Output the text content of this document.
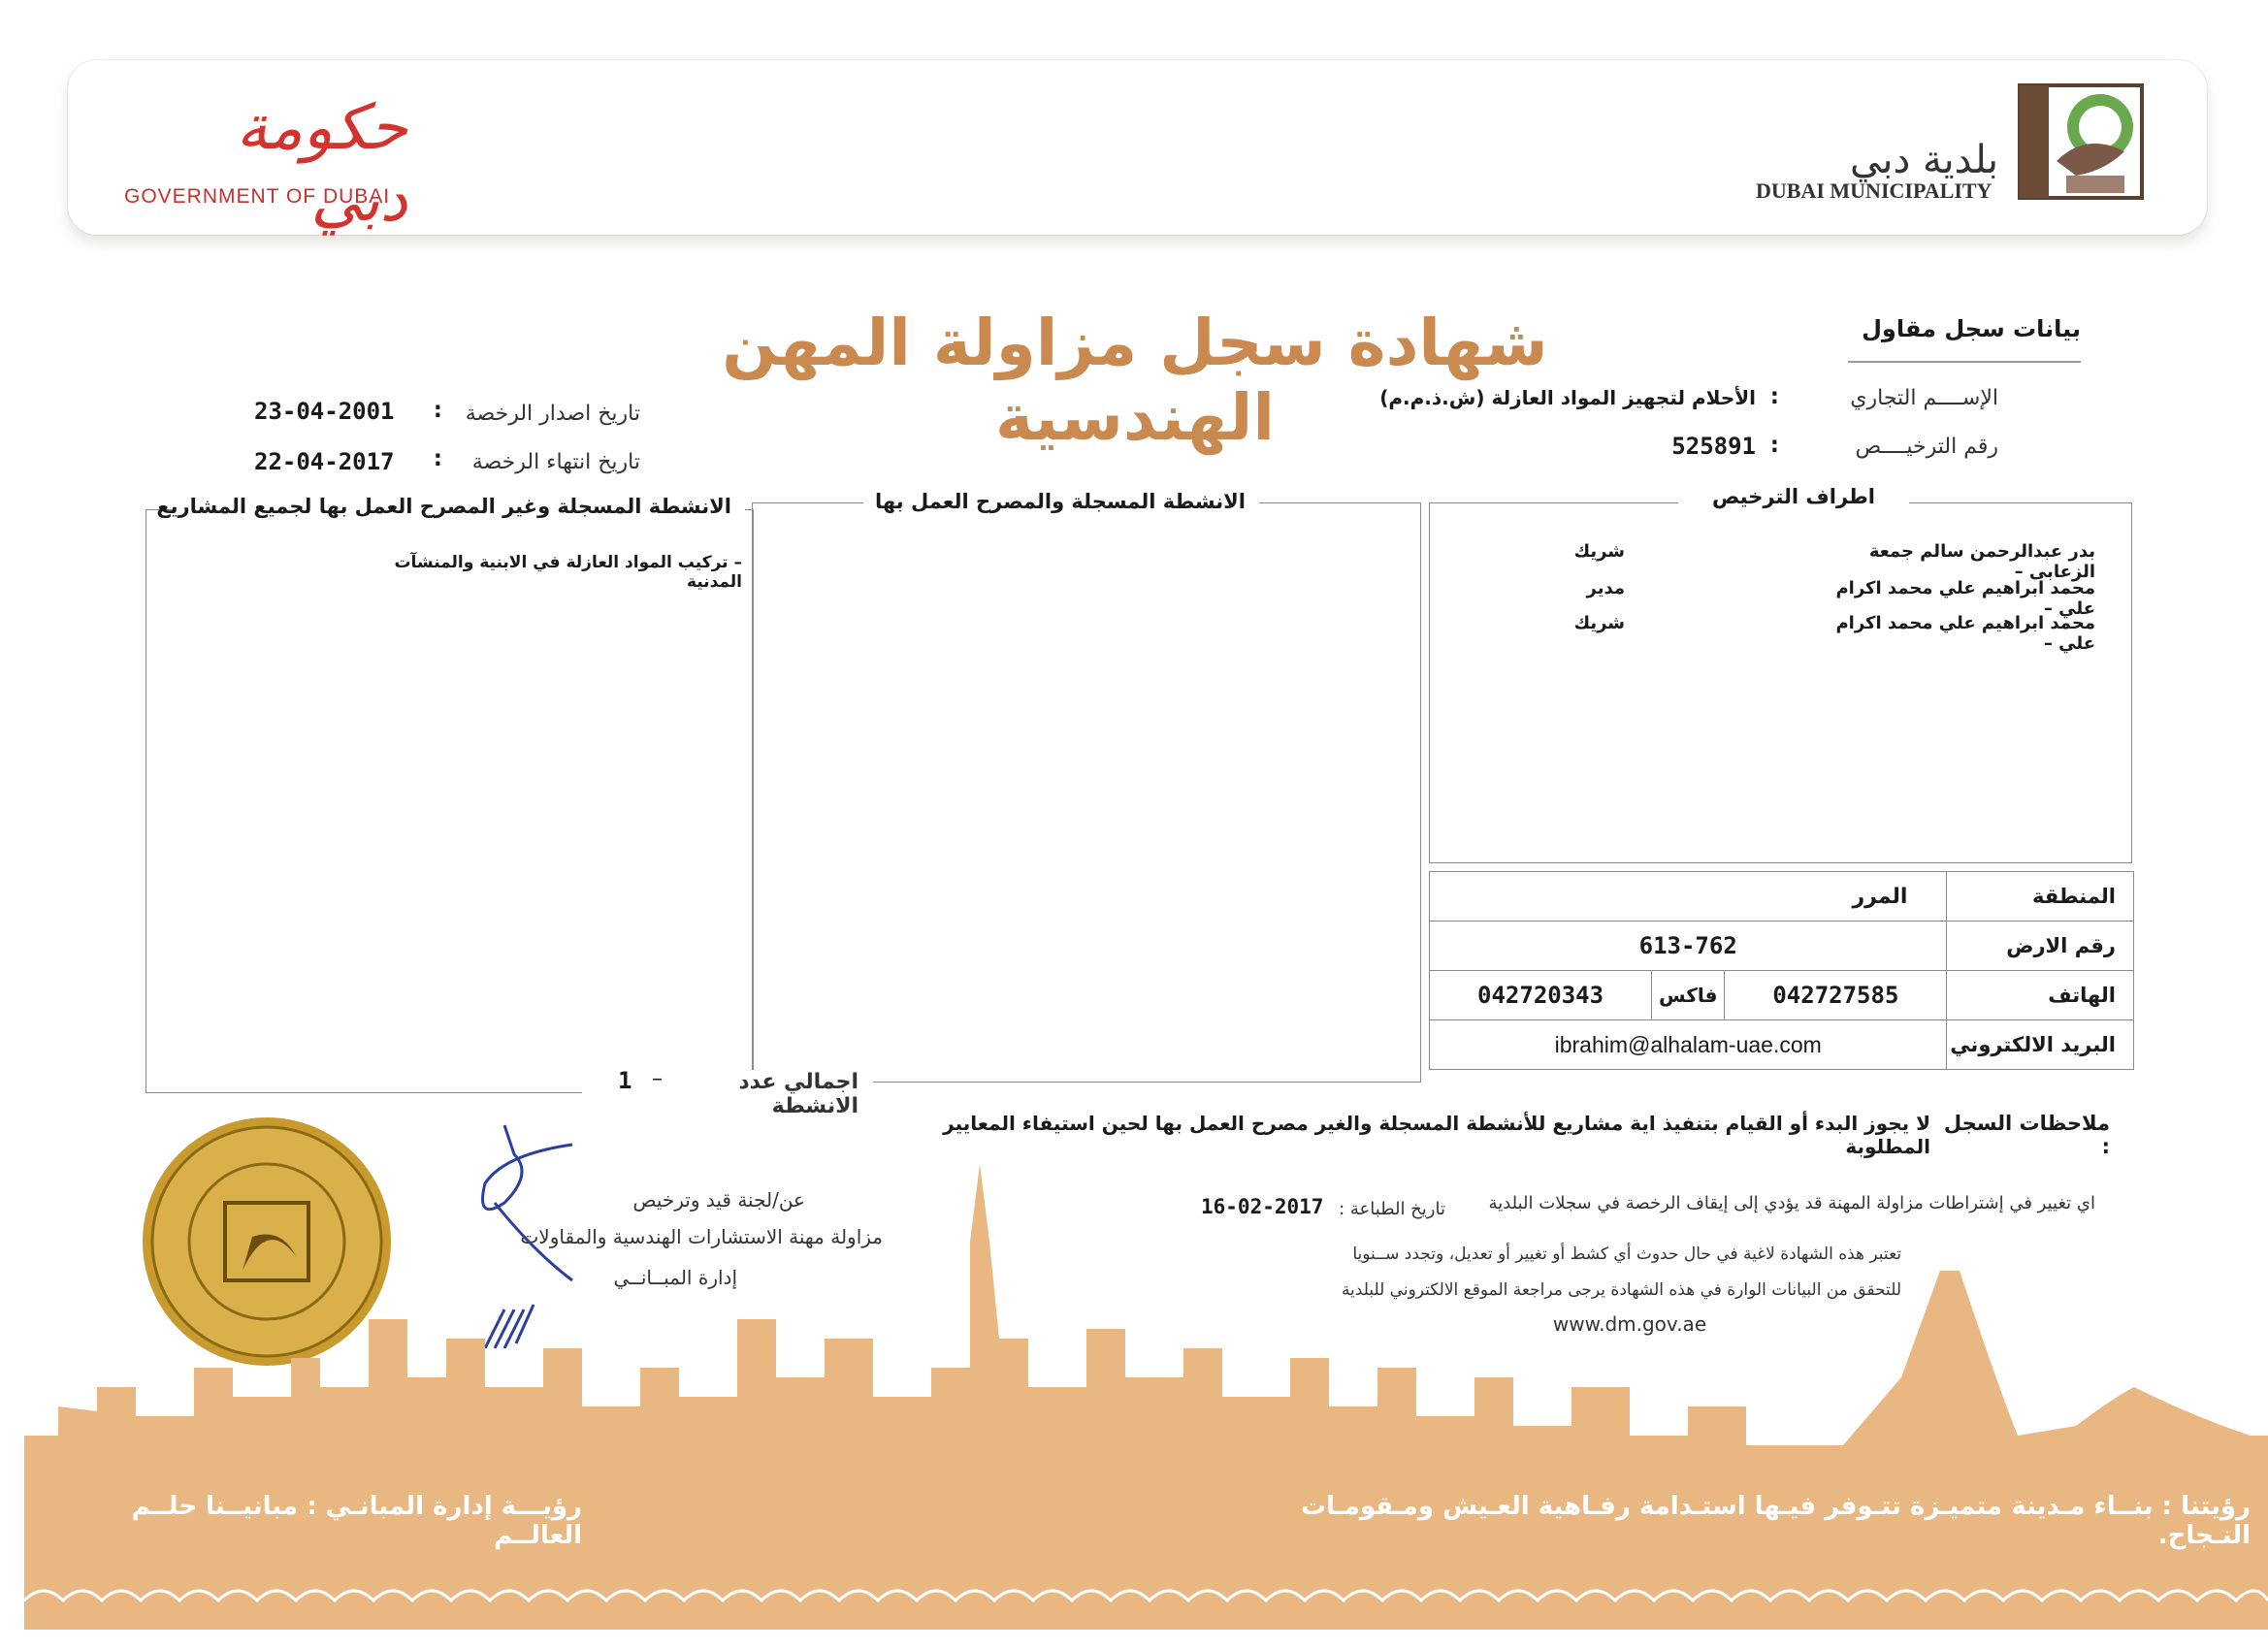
حكومة دبي
GOVERNMENT OF DUBAI
بلدية دبي
DUBAI MUNICIPALITY
شهادة سجل مزاولة المهن الهندسية
بيانات سجل مقاول
الإســــم التجاري
:
الأحلام لتجهيز المواد العازلة (ش.ذ.م.م)
رقم الترخيــــص
:
525891
تاريخ اصدار الرخصة
:
23-04-2001
تاريخ انتهاء الرخصة
:
22-04-2017
الانشطة المسجلة وغير المصرح العمل بها لجميع المشاريع
– تركيب المواد العازلة في الابنية والمنشآت المدنية
الانشطة المسجلة والمصرح العمل بها
اجمالي عدد الانشطة
–
1
اطراف الترخيص
بدر عبدالرحمن سالم جمعة الزعابى –
شريك
محمد ابراهيم علي محمد اكرام علي –
مدير
محمد ابراهيم علي محمد اكرام علي –
شريك
المرر			المنطقة
613-762			رقم الارض
042720343	فاكس	042727585	الهاتف
ibrahim@alhalam-uae.com			البريد الالكتروني
ملاحظات السجل :
لا يجوز البدء أو القيام بتنفيذ اية مشاريع للأنشطة المسجلة والغير مصرح العمل بها لحين استيفاء المعايير المطلوبة
اي تغيير في إشتراطات مزاولة المهنة قد يؤدي إلى إيقاف الرخصة في سجلات البلدية
تاريخ الطباعة :
16-02-2017
تعتبر هذه الشهادة لاغية في حال حدوث أي كشط أو تغيير أو تعديل، وتجدد ســنويا
للتحقق من البيانات الوارة في هذه الشهادة يرجى مراجعة الموقع الالكتروني للبلدية
www.dm.gov.ae
عن/لجنة قيد وترخيص
مزاولة مهنة الاستشارات الهندسية والمقاولات
إدارة المبــانــي
رؤيتنا : بنــاء مـدينة متميـزة تتـوفر فيـها استـدامة رفـاهية العـيش ومـقومـات النـجاح.
رؤيـــة إدارة المبانـي : مبانيــنا حلــم العالــم
